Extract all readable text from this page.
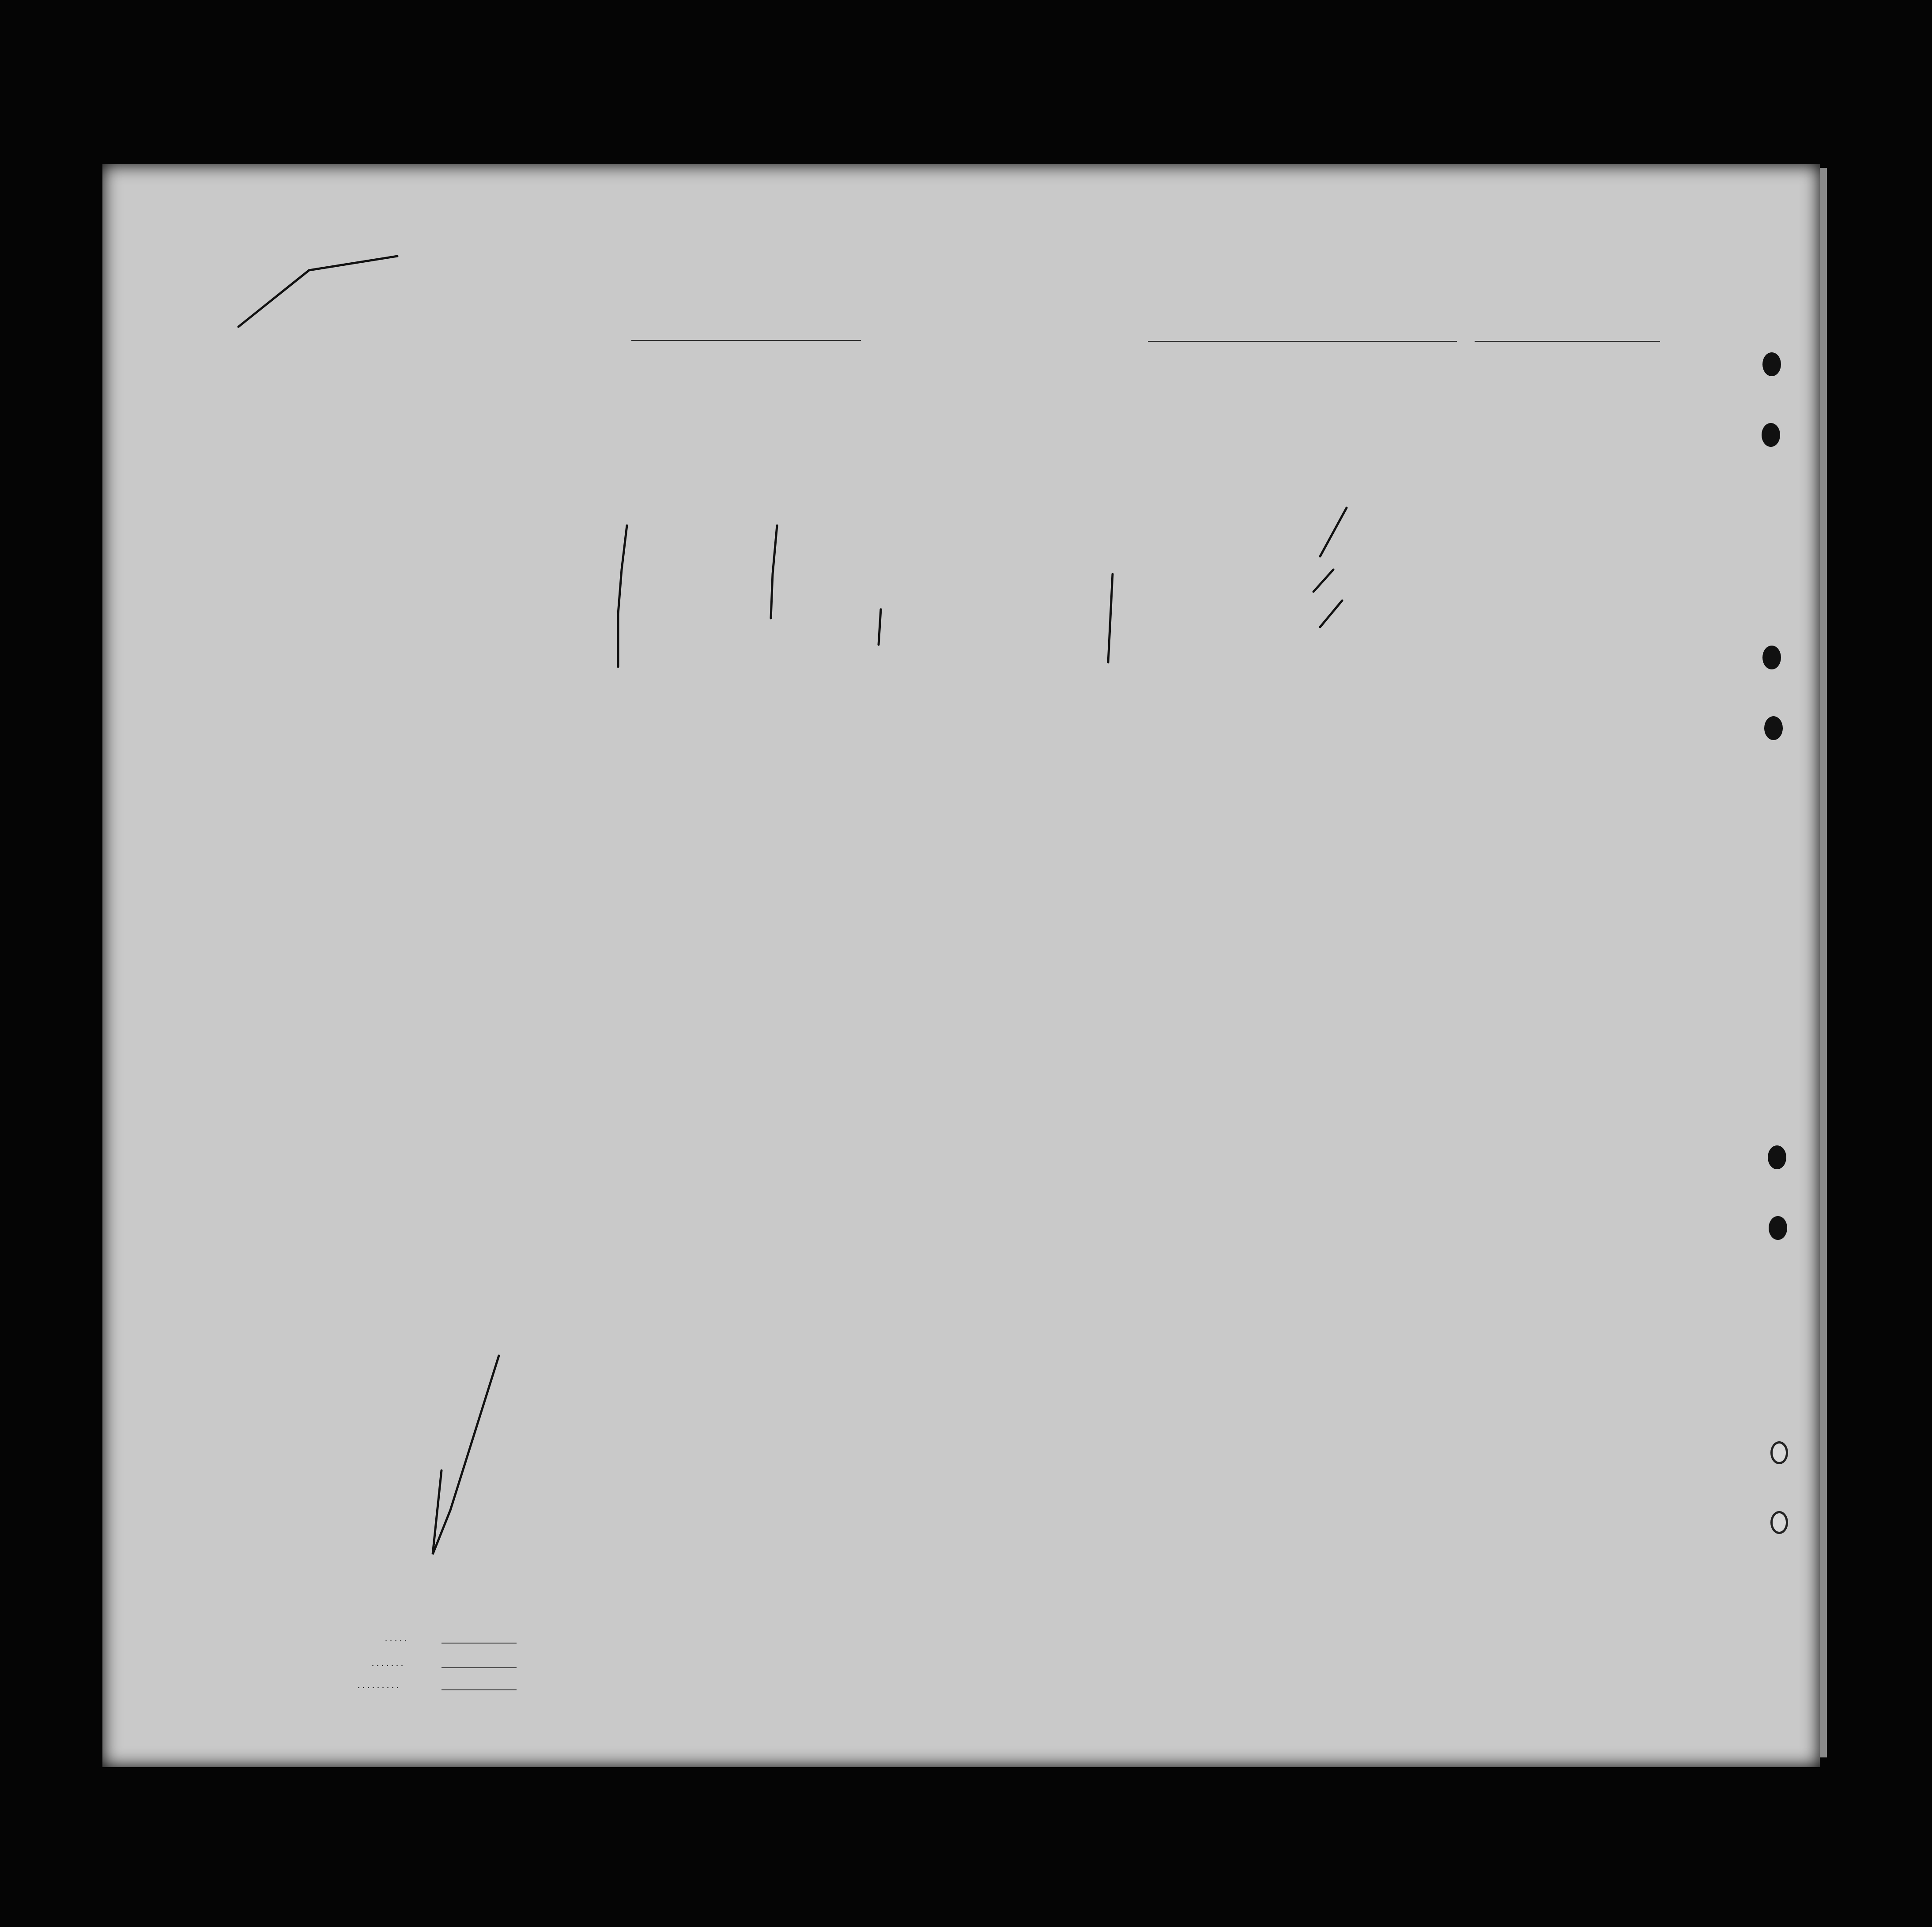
.....
.......
.........
